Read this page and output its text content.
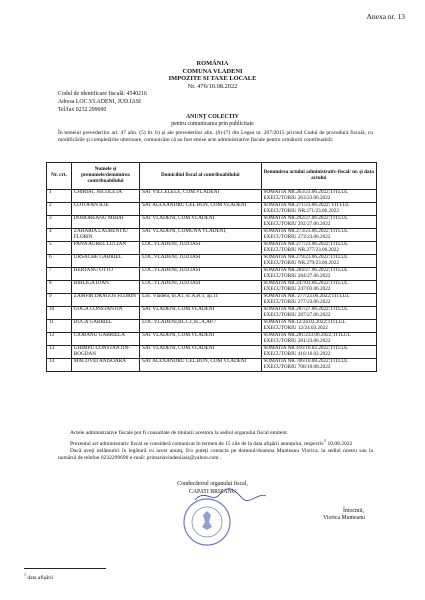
Anexa nr. 13
ROMÂNIA
COMUNA VLADENI
IMPOZITE SI TAXE LOCALE
Nr. 476/10.08.2022
Codul de identificare fiscală: 4540216
Adresa LOC.VLADENI, JUD.IASI
Tel/fax 0232 299690
ANUNŢ COLECTIV
pentru comunicarea prin publicitate
În temeiul prevederilor art. 47 alin. (5) lit. b) şi ale prevederilor alin. (6)-(7) din Legea nr. 207/2015 privind Codul de procedură fiscală, cu modificările şi completările ulterioare, comunicăm că au fost emise acte administrative fiscale pentru următorii contribuabili:
Nr. crt.	Numele şi prenumele/denumirea contribuabilului	Domiciliul fiscal al contribuabilului	Denumirea actului administrativ-fiscal/ nr. şi data actului
1	CHIRIAC NICOLETA	SAT VILCELELE, COM.VLADENI	SOMATIA NR.263/23.06.2022;TITLUL EXECUTORIU 263/23.06.2022
2	COTOFAN ILIE	SAT ALEXANDRU CEL BUN, COM VLADENI	SOMATIA NR.271/23.06.2022; TITLUL EXECUTORIU NR.271/23.06.2022
3	DOHOREANU MIHAI	SAT VLADENI, COM.VLADENI	SOMATIA NR.292/27.06.2022;TITLUL EXECUTORIU 292/27.06.2022
4	ZAHARIA LAURENTIU FLORIN	SAT VLADENI, COMUNA VLADENI,	SOMATIA NR.273/23.06.2022;TITLUL EXECUTORIU 273/23.06.2022
5	PANA AUREL LUCIAN	LOC.VLADENI, JUD.IASI	SOMATIA NR.277/23.06.2022;TITLUL EXECUTORIU NR.277/23.06.2022
6	URSACHE GABRIEL	LOC.VLADENI, JUD.IASI	SOMATIA NR.279/23.06.2022;TITLUL EXECUTORIU NR.279/23.06.2022
7	HERTANU OTTO	LOC.VLADENI, JUD.IASI	SOMATIA NR.284/27.06.2022;TITLUL EXECUTORIU 284/27.06.2022
8	BIRLIGA IOAN	LOC.VLADENI, JUD.IASI	SOMATIA NR.247/03.06.2022;TITLUL EXECUTORIU 247/03.06.2022
9	ZAMFIR DRAGOS FLORIN	Loc. Vladeni, bl.A1, sc.A,et.1, ap.11	SOMATIA NR. 277/23.06.2022;TITLUL EXECUTORIU 277/23.06.2022
10	GOGA CONSTANTIN	SAT VLADENI, COM.VLADENI	SOMATIA NR.287/27.06.2022;TITLUL EXECUTORIU 287/27.06.2022
11	BUGA GABRIEL	LOC.VLADENI,BL.C1,SC.A,AP.7	SOMATIA NR.12/24.03.2022;TITLUL EXECUTORIU 12/24.03.2022
12	CIOBANU GABRIELA	SAT VLADENI, COM.VLADENI	SOMATIA NR.281/233.06.2022;TITLUL EXECUTORIU 281/23.06.2022
13	GHIMPU CONSTANTIN-BOGDAN	SAT VLADENI, COM.VLADENI	SOMATIA NR.416/16.02.2022;TITLUL EXECUTORIU 416/16.02.2022
14	MACOVEI ANISOARA	SAT ALEXANDRU CEL BUN, COM VLADENI	SOMATIA NR.706/10.08.2022;TITLUL EXECUTORIU 706/10.08.2022
Actele administrative fiscale pot fi consultate de titularii acestora la sediul organului fiscal emitent.
Prezentul act administrativ fiscal se consideră comunicat în termen de 15 zile de la data afişării anunţului, respectiv$^1$ 10.08.2022
Dacă aveţi nelămuriri în legătură cu acest anunţ, îl/o puteţi contacta pe domnul/doamna Munteanu Viorica, la sediul nostru sau la numărul de telefon 0232299690 e-mail: primariavladeniiasi@yahoo.com .
Conducătorul organului fiscal,
CAPATI BRIZANU
Întocmit,
Viorica Munteanu
$^1$ data afişării
